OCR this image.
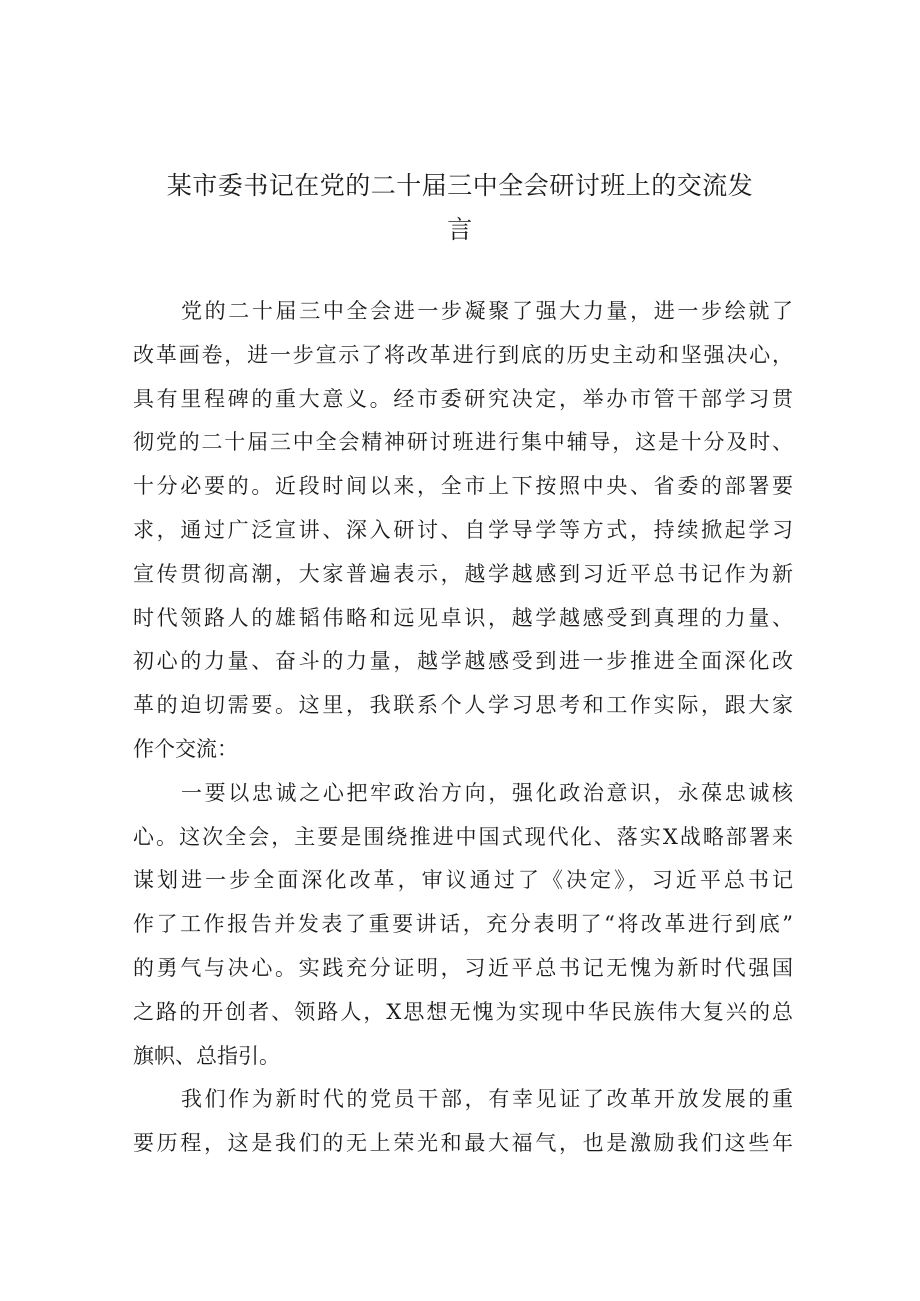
某市委书记在党的二十届三中全会研讨班上的交流发
言
党的二十届三中全会进一步凝聚了强大力量，进一步绘就了
改革画卷，进一步宣示了将改革进行到底的历史主动和坚强决心，
具有里程碑的重大意义。经市委研究决定，举办市管干部学习贯
彻党的二十届三中全会精神研讨班进行集中辅导，这是十分及时、
十分必要的。近段时间以来，全市上下按照中央、省委的部署要
求，通过广泛宣讲、深入研讨、自学导学等方式，持续掀起学习
宣传贯彻高潮，大家普遍表示，越学越感到习近平总书记作为新
时代领路人的雄韬伟略和远见卓识，越学越感受到真理的力量、
初心的力量、奋斗的力量，越学越感受到进一步推进全面深化改
革的迫切需要。这里，我联系个人学习思考和工作实际，跟大家
作个交流：
一要以忠诚之心把牢政治方向，强化政治意识，永葆忠诚核
心。这次全会，主要是围绕推进中国式现代化、落实X战略部署来
谋划进一步全面深化改革，审议通过了《决定》，习近平总书记
作了工作报告并发表了重要讲话，充分表明了“将改革进行到底”
的勇气与决心。实践充分证明，习近平总书记无愧为新时代强国
之路的开创者、领路人，X思想无愧为实现中华民族伟大复兴的总
旗帜、总指引。
我们作为新时代的党员干部，有幸见证了改革开放发展的重
要历程，这是我们的无上荣光和最大福气，也是激励我们这些年
